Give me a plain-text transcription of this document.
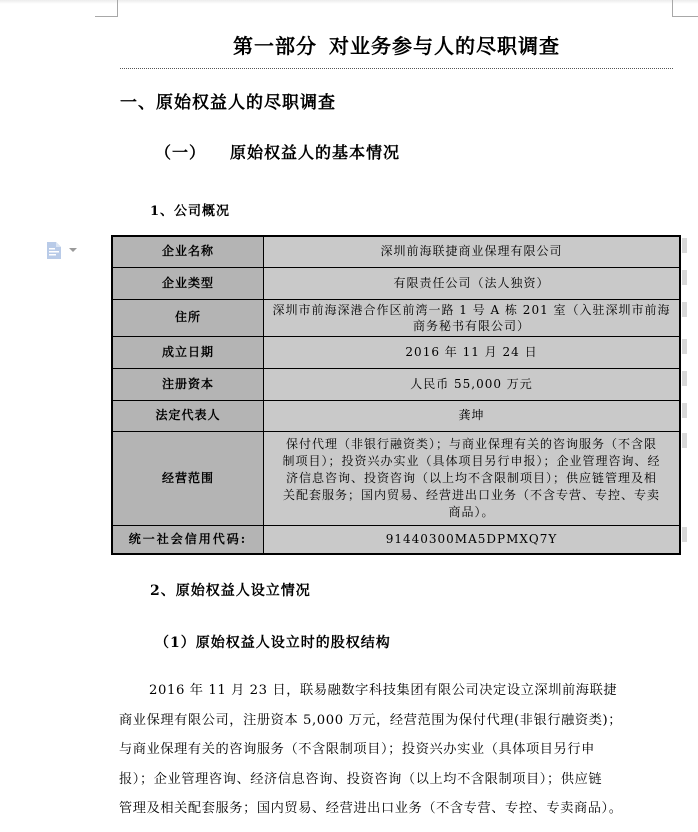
第一部分 对业务参与人的尽职调查
一、原始权益人的尽职调查
（一） 原始权益人的基本情况
1、公司概况
企业名称	深圳前海联捷商业保理有限公司
企业类型	有限责任公司（法人独资）
住所	深圳市前海深港合作区前湾一路 1 号 A 栋 201 室（入驻深圳市前海
商务秘书有限公司）

成立日期	2016 年 11 月 24 日
注册资本	人民币 55,000 万元
法定代表人	龚坤
经营范围	保付代理（非银行融资类）；与商业保理有关的咨询服务（不含限
制项目）；投资兴办实业（具体项目另行申报）；企业管理咨询、经
济信息咨询、投资咨询（以上均不含限制项目）；供应链管理及相
关配套服务；国内贸易、经营进出口业务（不含专营、专控、专卖
商品）。

统一社会信用代码:	91440300MA5DPMXQ7Y
2、原始权益人设立情况
（1）原始权益人设立时的股权结构
2016 年 11 月 23 日，联易融数字科技集团有限公司决定设立深圳前海联捷
商业保理有限公司，注册资本 5,000 万元，经营范围为保付代理(非银行融资类)；
与商业保理有关的咨询服务（不含限制项目）；投资兴办实业（具体项目另行申
报）；企业管理咨询、经济信息咨询、投资咨询（以上均不含限制项目）；供应链
管理及相关配套服务；国内贸易、经营进出口业务（不含专营、专控、专卖商品）。
